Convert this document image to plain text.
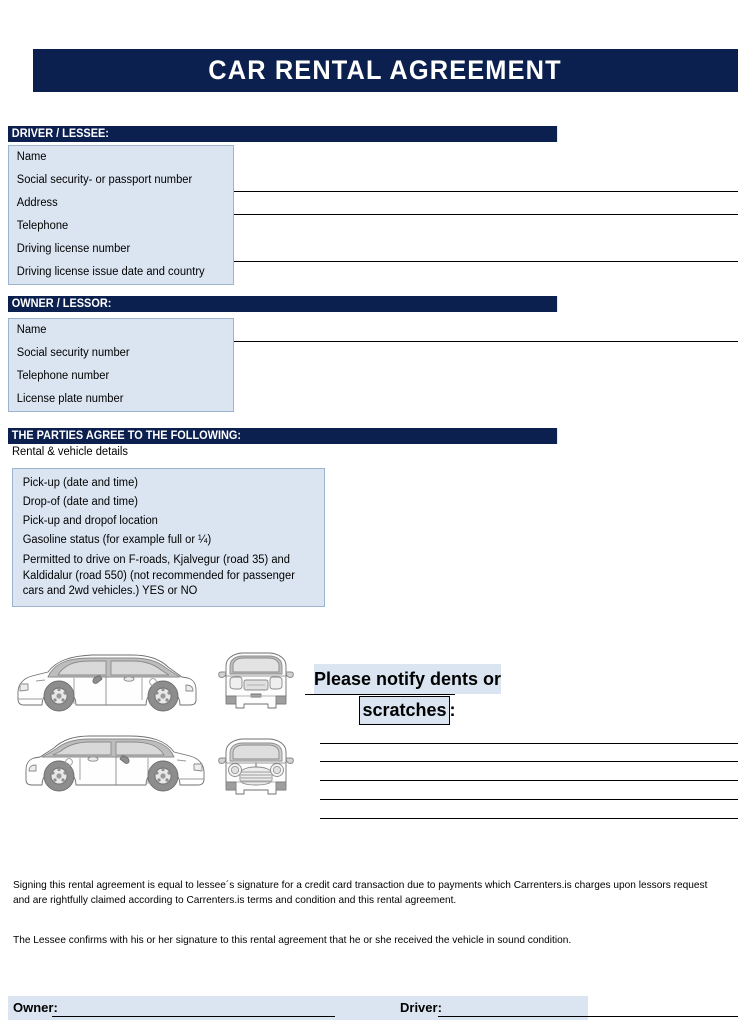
CAR RENTAL AGREEMENT
DRIVER / LESSEE:
Name
Social security- or passport number
Address
Telephone
Driving license number
Driving license issue date and country
OWNER / LESSOR:
Name
Social security number
Telephone number
License plate number
THE PARTIES AGREE TO THE FOLLOWING:
Rental & vehicle details
Pick-up (date and time)
Drop-of (date and time)
Pick-up and dropof location
Gasoline status (for example full or ¼)
Permitted to drive on F-roads, Kjalvegur (road 35) and Kaldidalur (road 550) (not recommended for passenger cars and 2wd vehicles.) YES or NO
Please notify dents or
scratches :
Signing this rental agreement is equal to lessee´s signature for a credit card transaction due to payments which Carrenters.is charges upon lessors request and are rightfully claimed according to Carrenters.is terms and condition and this rental agreement.
The Lessee confirms with his or her signature to this rental agreement that he or she received the vehicle in sound condition.
Owner:	Driver:
